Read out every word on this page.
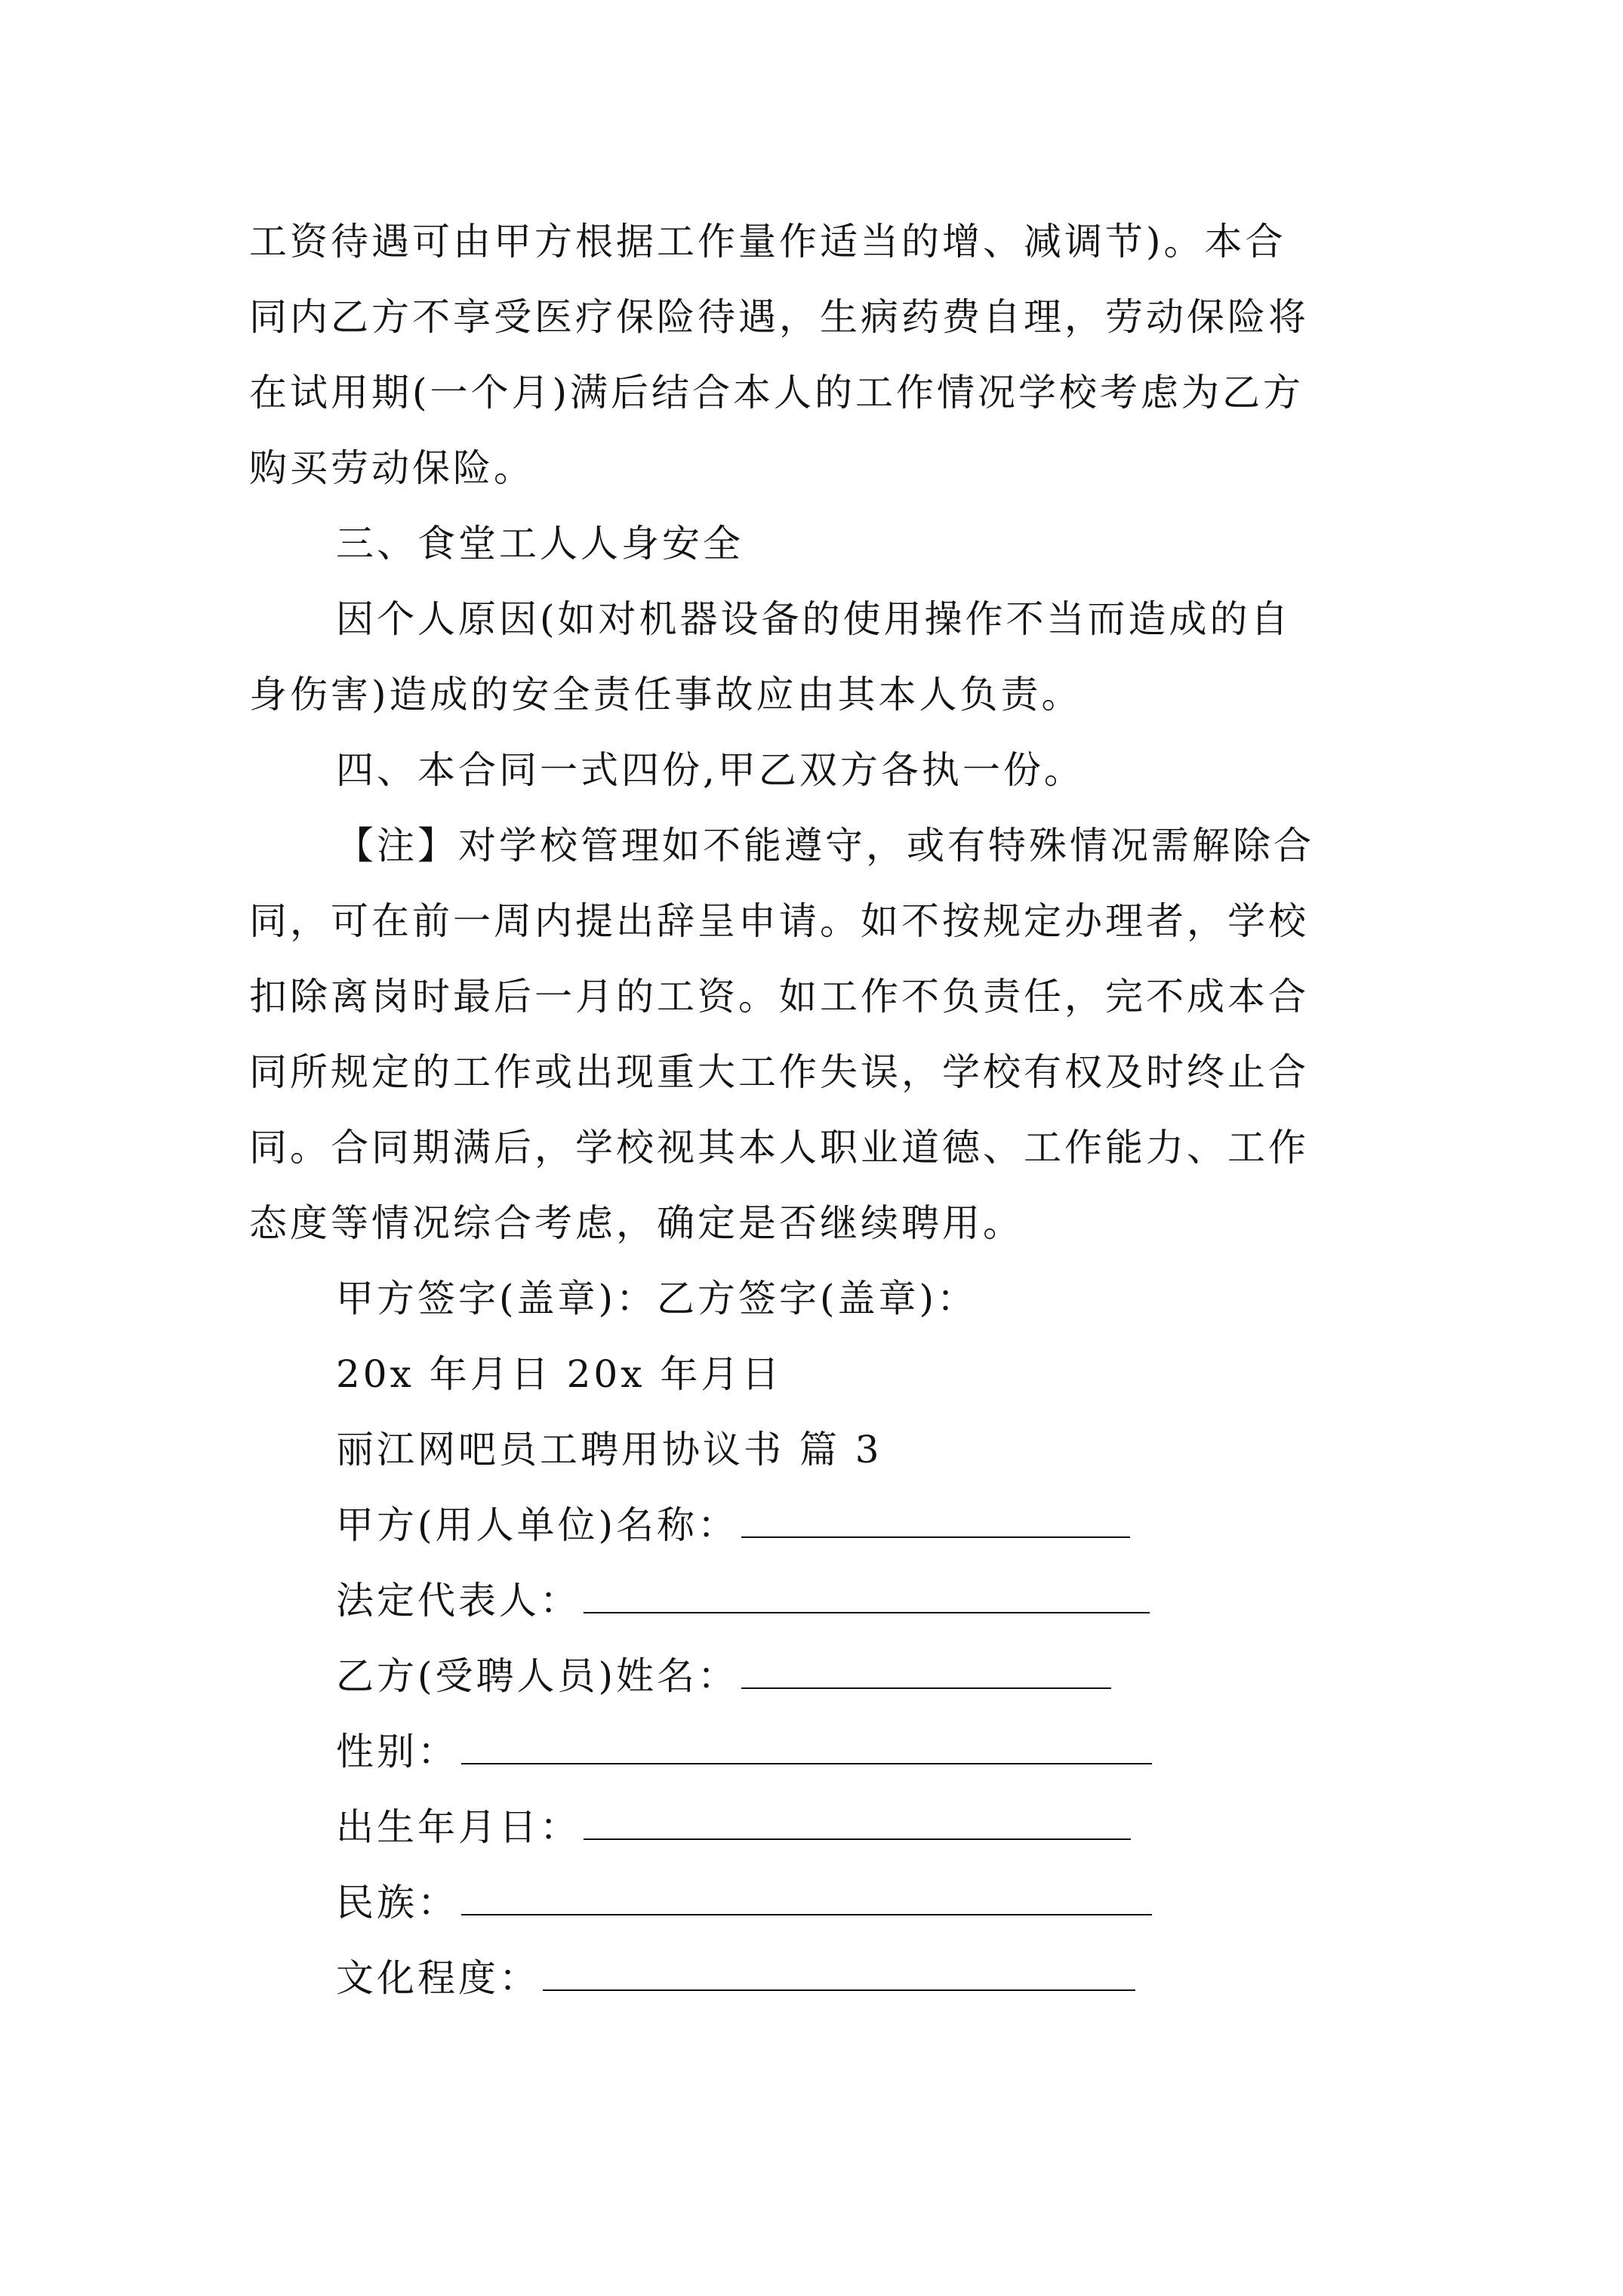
工资待遇可由甲方根据工作量作适当的增、减调节)。本合
同内乙方不享受医疗保险待遇，生病药费自理，劳动保险将
在试用期(一个月)满后结合本人的工作情况学校考虑为乙方
购买劳动保险。
三、食堂工人人身安全
因个人原因(如对机器设备的使用操作不当而造成的自
身伤害)造成的安全责任事故应由其本人负责。
四、本合同一式四份,甲乙双方各执一份。
【注】对学校管理如不能遵守，或有特殊情况需解除合
同，可在前一周内提出辞呈申请。如不按规定办理者，学校
扣除离岗时最后一月的工资。如工作不负责任，完不成本合
同所规定的工作或出现重大工作失误，学校有权及时终止合
同。合同期满后，学校视其本人职业道德、工作能力、工作
态度等情况综合考虑，确定是否继续聘用。
甲方签字(盖章)：乙方签字(盖章)：
20x 年月日 20x 年月日
丽江网吧员工聘用协议书 篇 3
甲方(用人单位)名称：
法定代表人：
乙方(受聘人员)姓名：
性别：
出生年月日：
民族：
文化程度：
